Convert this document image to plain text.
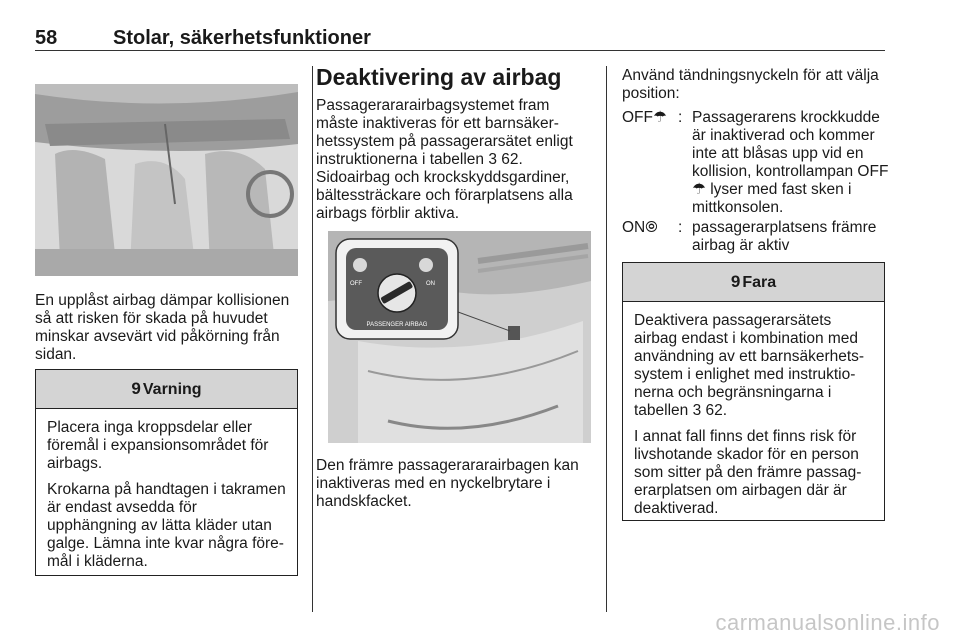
58	Stolar, säkerhetsfunktioner

En upplåst airbag dämpar kollisionen så att risken för skada på huvudet minskar avsevärt vid påkörning från sidan.

9 Varning

Placera inga kroppsdelar eller föremål i expansionsområdet för airbags.

Krokarna på handtagen i takramen är endast avsedda för upphängning av lätta kläder utan galge. Lämna inte kvar några före- mål i kläderna.

Deaktivering av airbag

Passagerararairbagsystemet fram måste inaktiveras för ett barnsäker- hetssystem på passagerarsätet enligt instruktionerna i tabellen 3 62.

Sidoairbag och krockskyddsgardiner, bältessträckare och förarplatsens alla airbags förblir aktiva.

OFF	ON
PASSENGER AIRBAG

Den främre passagerararairbagen kan inaktiveras med en nyckelbrytare i handskfacket.

Använd tändningsnyckeln för att välja position:

OFF☂ : Passagerarens krockkudde är inaktiverad och kommer inte att blåsas upp vid en kollision, kontrollampan OFF ☂ lyser med fast sken i mittkonsolen.
ON⦾ : passagerarplatsens främre airbag är aktiv
9 Fara

Deaktivera passagerarsätets airbag endast i kombination med användning av ett barnsäkerhets- system i enlighet med instruktio- nerna och begränsningarna i tabellen 3 62.

I annat fall finns det finns risk för livshotande skador för en person som sitter på den främre passag- erarplatsen om airbagen där är deaktiverad.

carmanualsonline.info
